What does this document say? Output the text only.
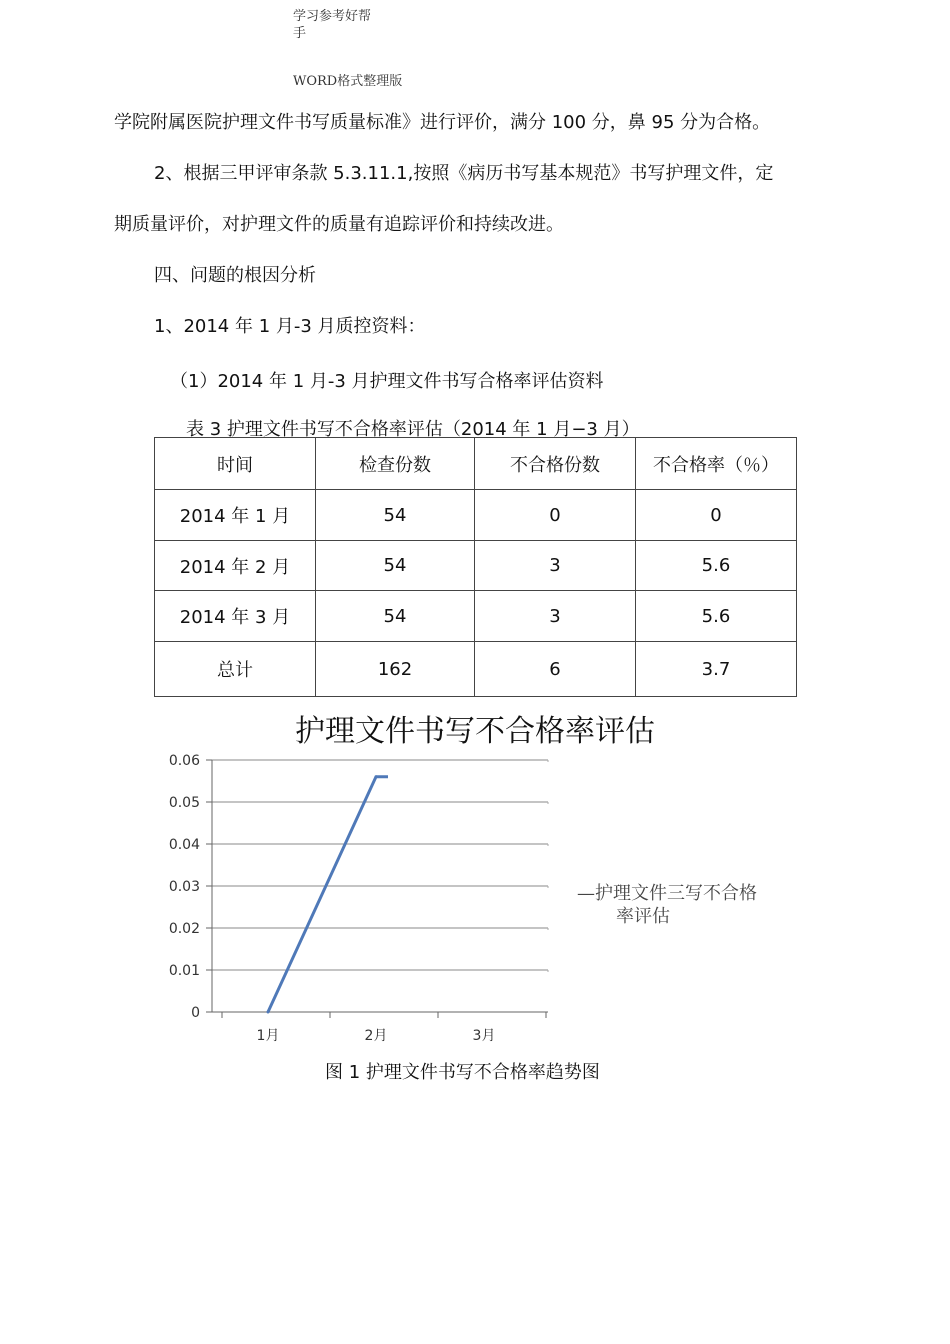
学习参考好帮
手
WORD格式整理版
学院附属医院护理文件书写质量标准》进行评价，满分 100 分，鼻 95 分为合格。
2、根据三甲评审条款 5.3.11.1,按照《病历书写基本规范》书写护理文件，定
期质量评价，对护理文件的质量有追踪评价和持续改进。
四、问题的根因分析
1、2014 年 1 月-3 月质控资料：
（1）2014 年 1 月-3 月护理文件书写合格率评估资料
表 3 护理文件书写不合格率评估（2014 年 1 月−3 月）
时间	检查份数	不合格份数	不合格率（％）
2014 年 1 月	54	0	0
2014 年 2 月	54	3	5.6
2014 年 3 月	54	3	5.6
总计	162	6	3.7
护理文件书写不合格率评估
0
0.01
0.02
0.03
0.04
0.05
0.06
1月	2月	3月
—护理文件三写不合格
率评估
图 1 护理文件书写不合格率趋势图
